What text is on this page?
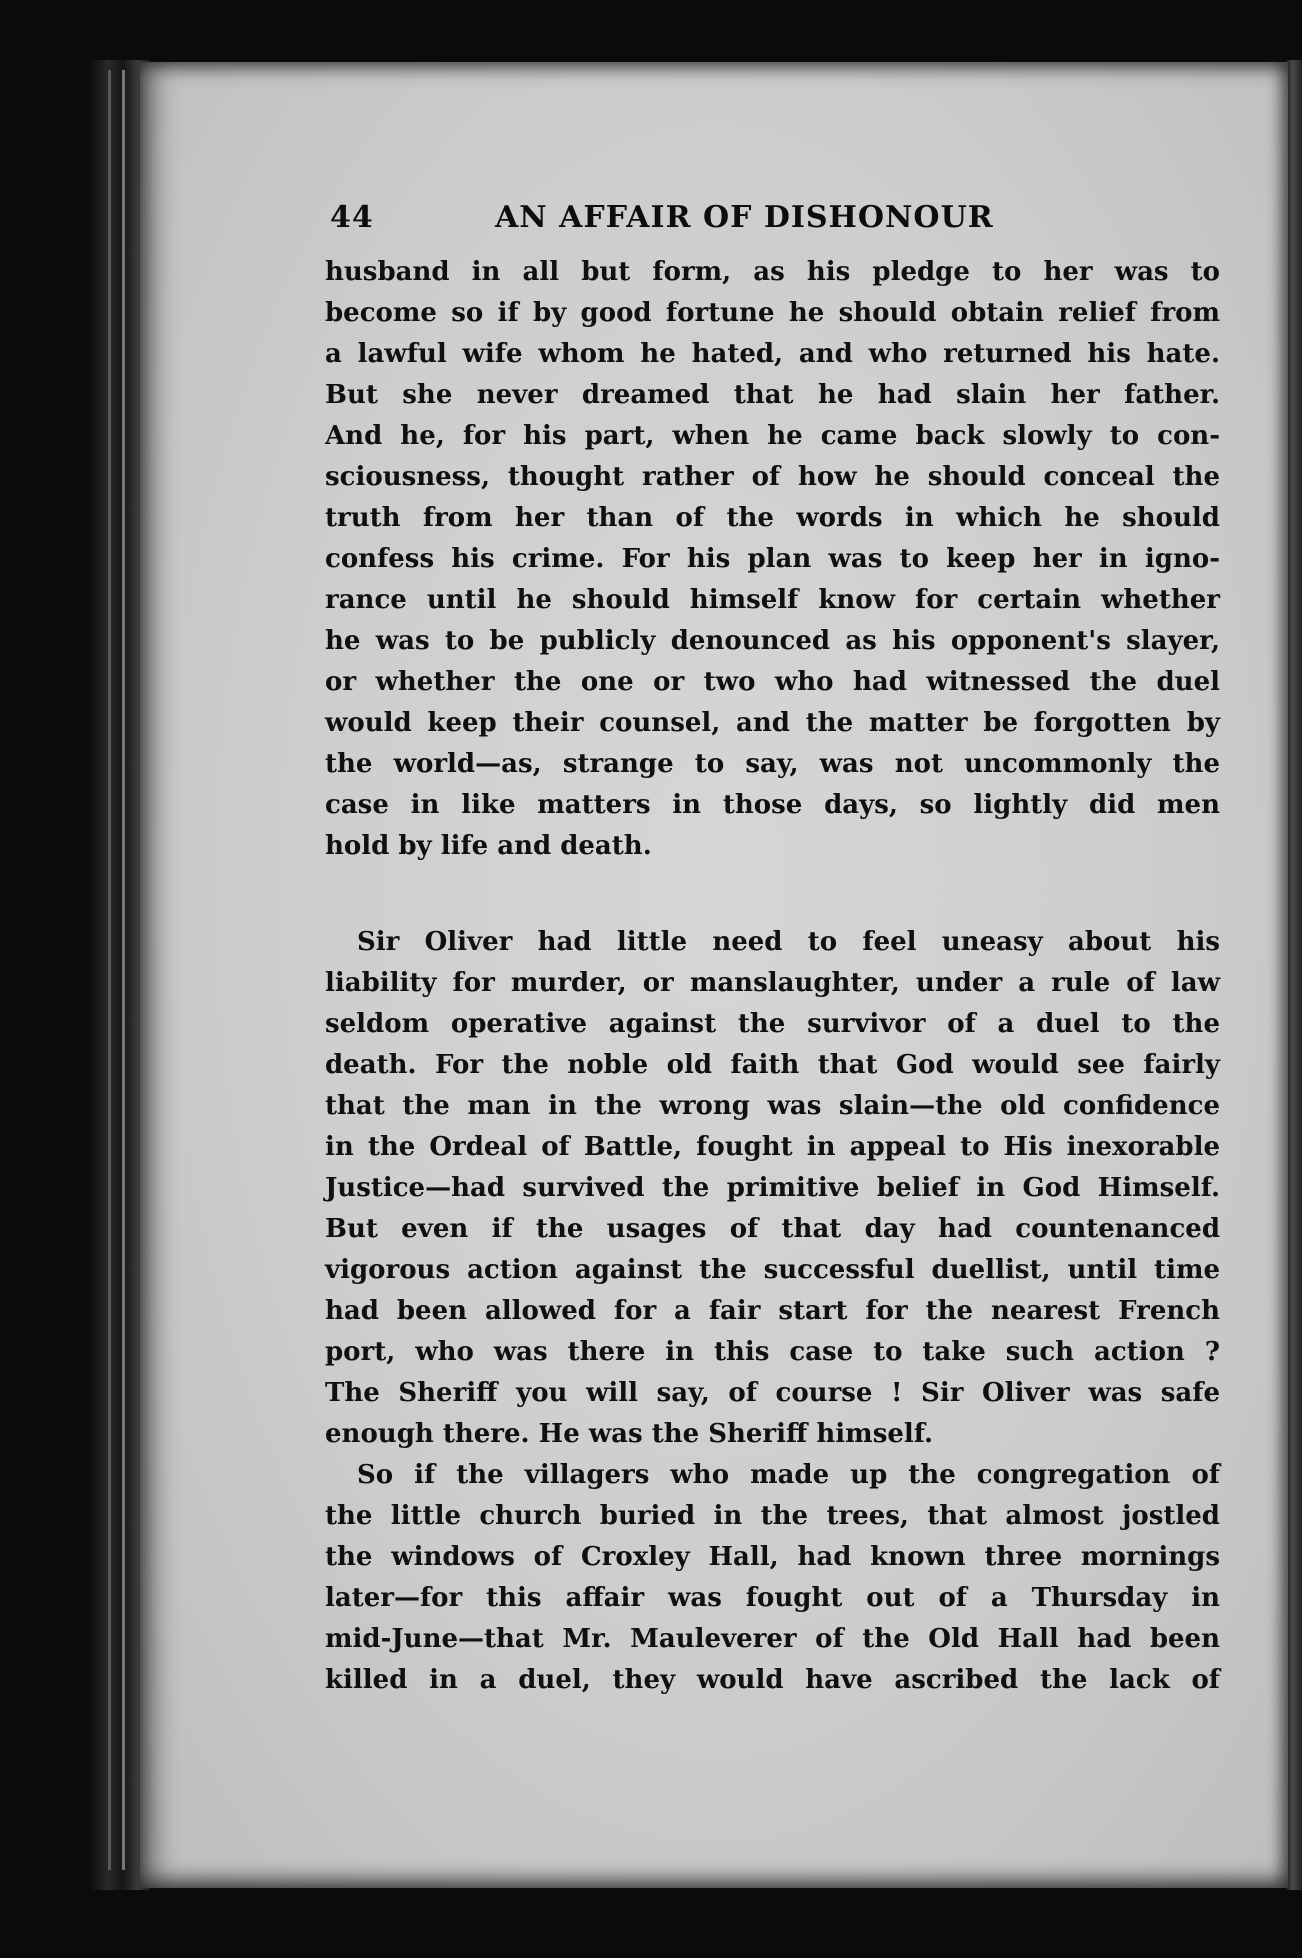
44	AN AFFAIR OF DISHONOUR
husband in all but form, as his pledge to her was to
become so if by good fortune he should obtain relief from
a lawful wife whom he hated, and who returned his hate.
But she never dreamed that he had slain her father.
And he, for his part, when he came back slowly to con-
sciousness, thought rather of how he should conceal the
truth from her than of the words in which he should
confess his crime. For his plan was to keep her in igno-
rance until he should himself know for certain whether
he was to be publicly denounced as his opponent's slayer,
or whether the one or two who had witnessed the duel
would keep their counsel, and the matter be forgotten by
the world—as, strange to say, was not uncommonly the
case in like matters in those days, so lightly did men
hold by life and death.
Sir Oliver had little need to feel uneasy about his
liability for murder, or manslaughter, under a rule of law
seldom operative against the survivor of a duel to the
death. For the noble old faith that God would see fairly
that the man in the wrong was slain—the old confidence
in the Ordeal of Battle, fought in appeal to His inexorable
Justice—had survived the primitive belief in God Himself.
But even if the usages of that day had countenanced
vigorous action against the successful duellist, until time
had been allowed for a fair start for the nearest French
port, who was there in this case to take such action ?
The Sheriff you will say, of course ! Sir Oliver was safe
enough there. He was the Sheriff himself.
So if the villagers who made up the congregation of
the little church buried in the trees, that almost jostled
the windows of Croxley Hall, had known three mornings
later—for this affair was fought out of a Thursday in
mid-June—that Mr. Mauleverer of the Old Hall had been
killed in a duel, they would have ascribed the lack of
